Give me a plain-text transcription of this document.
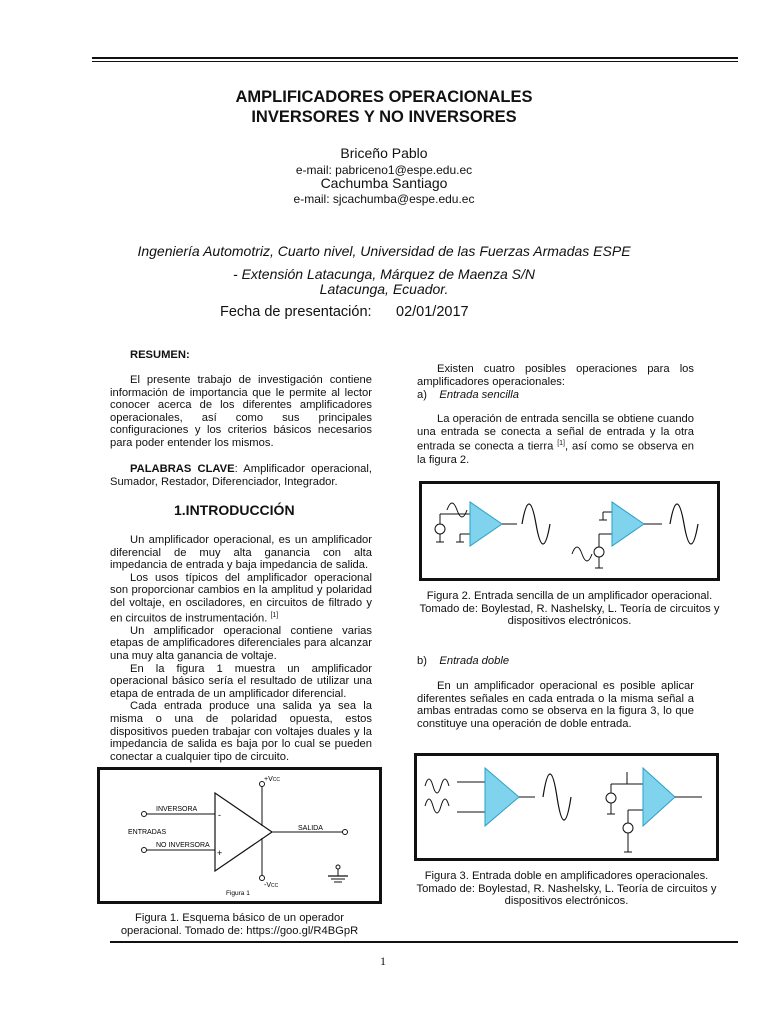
AMPLIFICADORES OPERACIONALES
INVERSORES Y NO INVERSORES
Briceño Pablo
e-mail: pabriceno1@espe.edu.ec
Cachumba Santiago
e-mail: sjcachumba@espe.edu.ec
Ingeniería Automotriz, Cuarto nivel, Universidad de las Fuerzas Armadas ESPE
- Extensión Latacunga, Márquez de Maenza S/N
Latacunga, Ecuador.
Fecha de presentación: 02/01/2017
RESUMEN:

El presente trabajo de investigación contiene información de importancia que le permite al lector conocer acerca de los diferentes amplificadores operacionales, así como sus principales configuraciones y los criterios básicos necesarios para poder entender los mismos.

PALABRAS CLAVE: Amplificador operacional, Sumador, Restador, Diferenciador, Integrador.

1.INTRODUCCIÓN

Un amplificador operacional, es un amplificador diferencial de muy alta ganancia con alta impedancia de entrada y baja impedancia de salida.

Los usos típicos del amplificador operacional son proporcionar cambios en la amplitud y polaridad del voltaje, en osciladores, en circuitos de filtrado y en circuitos de instrumentación. [1]

Un amplificador operacional contiene varias etapas de amplificadores diferenciales para alcanzar una muy alta ganancia de voltaje.

En la figura 1 muestra un amplificador operacional básico sería el resultado de utilizar una etapa de entrada de un amplificador diferencial.

Cada entrada produce una salida ya sea la misma o una de polaridad opuesta, estos dispositivos pueden trabajar con voltajes duales y la impedancia de salida es baja por lo cual se pueden conectar a cualquier tipo de circuito.

+VCC
-VCC
INVERSORA
NO INVERSORA
ENTRADAS
-
+
SALIDA
Figura 1
Figura 1. Esquema básico de un operador
operacional. Tomado de: https://goo.gl/R4BGpR

Existen cuatro posibles operaciones para los amplificadores operacionales:

a) Entrada sencilla

La operación de entrada sencilla se obtiene cuando una entrada se conecta a señal de entrada y la otra entrada se conecta a tierra [1], así como se observa en la figura 2.

Figura 2. Entrada sencilla de un amplificador operacional. Tomado de: Boylestad, R. Nashelsky, L. Teoría de circuitos y dispositivos electrónicos.
b) Entrada doble

En un amplificador operacional es posible aplicar diferentes señales en cada entrada o la misma señal a ambas entradas como se observa en la figura 3, lo que constituye una operación de doble entrada.

Figura 3. Entrada doble en amplificadores operacionales. Tomado de: Boylestad, R. Nashelsky, L. Teoría de circuitos y dispositivos electrónicos.
1
